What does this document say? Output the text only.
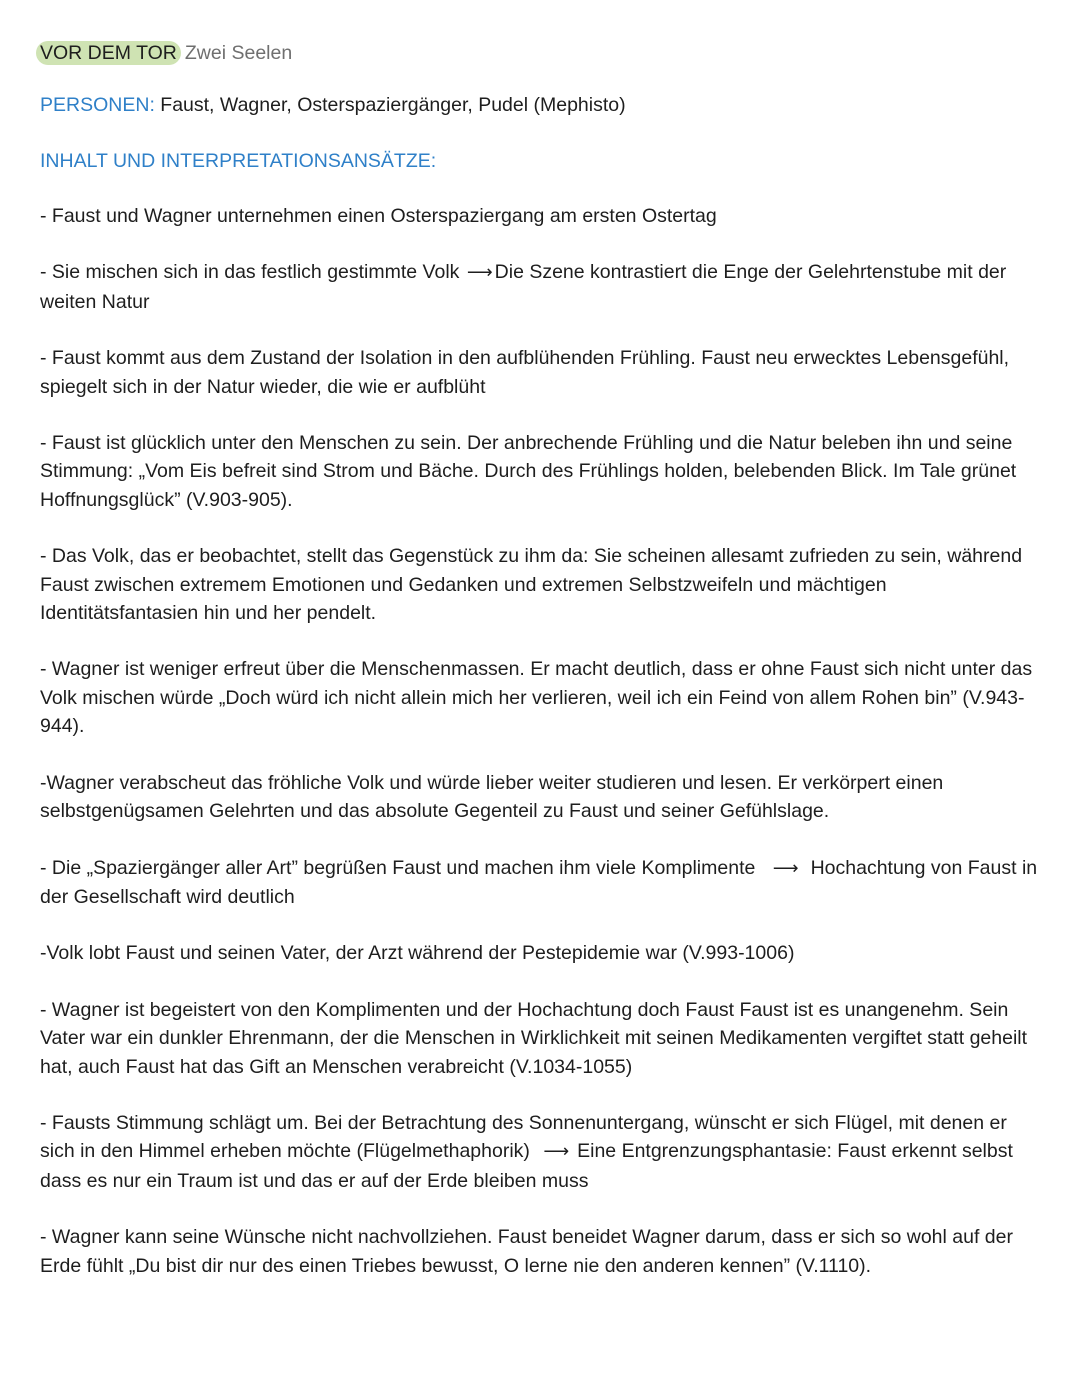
VOR DEM TOR Zwei Seelen
PERSONEN: Faust, Wagner, Osterspaziergänger, Pudel (Mephisto)
INHALT UND INTERPRETATIONSANSÄTZE:

- Faust und Wagner unternehmen einen Osterspaziergang am ersten Ostertag

- Sie mischen sich in das festlich gestimmte Volk ⟶ Die Szene kontrastiert die Enge der Gelehrtenstube mit der weiten Natur

- Faust kommt aus dem Zustand der Isolation in den aufblühenden Frühling. Faust neu erwecktes Lebensgefühl, spiegelt sich in der Natur wieder, die wie er aufblüht

- Faust ist glücklich unter den Menschen zu sein. Der anbrechende Frühling und die Natur beleben ihn und seine Stimmung: „Vom Eis befreit sind Strom und Bäche. Durch des Frühlings holden, belebenden Blick. Im Tale grünet Hoffnungsglück” (V.903-905).

- Das Volk, das er beobachtet, stellt das Gegenstück zu ihm da: Sie scheinen allesamt zufrieden zu sein, während Faust zwischen extremem Emotionen und Gedanken und extremen Selbstzweifeln und mächtigen Identitätsfantasien hin und her pendelt.

- Wagner ist weniger erfreut über die Menschenmassen. Er macht deutlich, dass er ohne Faust sich nicht unter das Volk mischen würde „Doch würd ich nicht allein mich her verlieren, weil ich ein Feind von allem Rohen bin” (V.943-944).

-Wagner verabscheut das fröhliche Volk und würde lieber weiter studieren und lesen. Er verkörpert einen selbstgenügsamen Gelehrten und das absolute Gegenteil zu Faust und seiner Gefühlslage.

- Die „Spaziergänger aller Art” begrüßen Faust und machen ihm viele Komplimente ⟶ Hochachtung von Faust in der Gesellschaft wird deutlich

-Volk lobt Faust und seinen Vater, der Arzt während der Pestepidemie war (V.993-1006)

- Wagner ist begeistert von den Komplimenten und der Hochachtung doch Faust Faust ist es unangenehm. Sein Vater war ein dunkler Ehrenmann, der die Menschen in Wirklichkeit mit seinen Medikamenten vergiftet statt geheilt hat, auch Faust hat das Gift an Menschen verabreicht (V.1034-1055)

- Fausts Stimmung schlägt um. Bei der Betrachtung des Sonnenuntergang, wünscht er sich Flügel, mit denen er sich in den Himmel erheben möchte (Flügelmethaphorik) ⟶ Eine Entgrenzungsphantasie: Faust erkennt selbst dass es nur ein Traum ist und das er auf der Erde bleiben muss

- Wagner kann seine Wünsche nicht nachvollziehen. Faust beneidet Wagner darum, dass er sich so wohl auf der Erde fühlt „Du bist dir nur des einen Triebes bewusst, O lerne nie den anderen kennen” (V.1110).
